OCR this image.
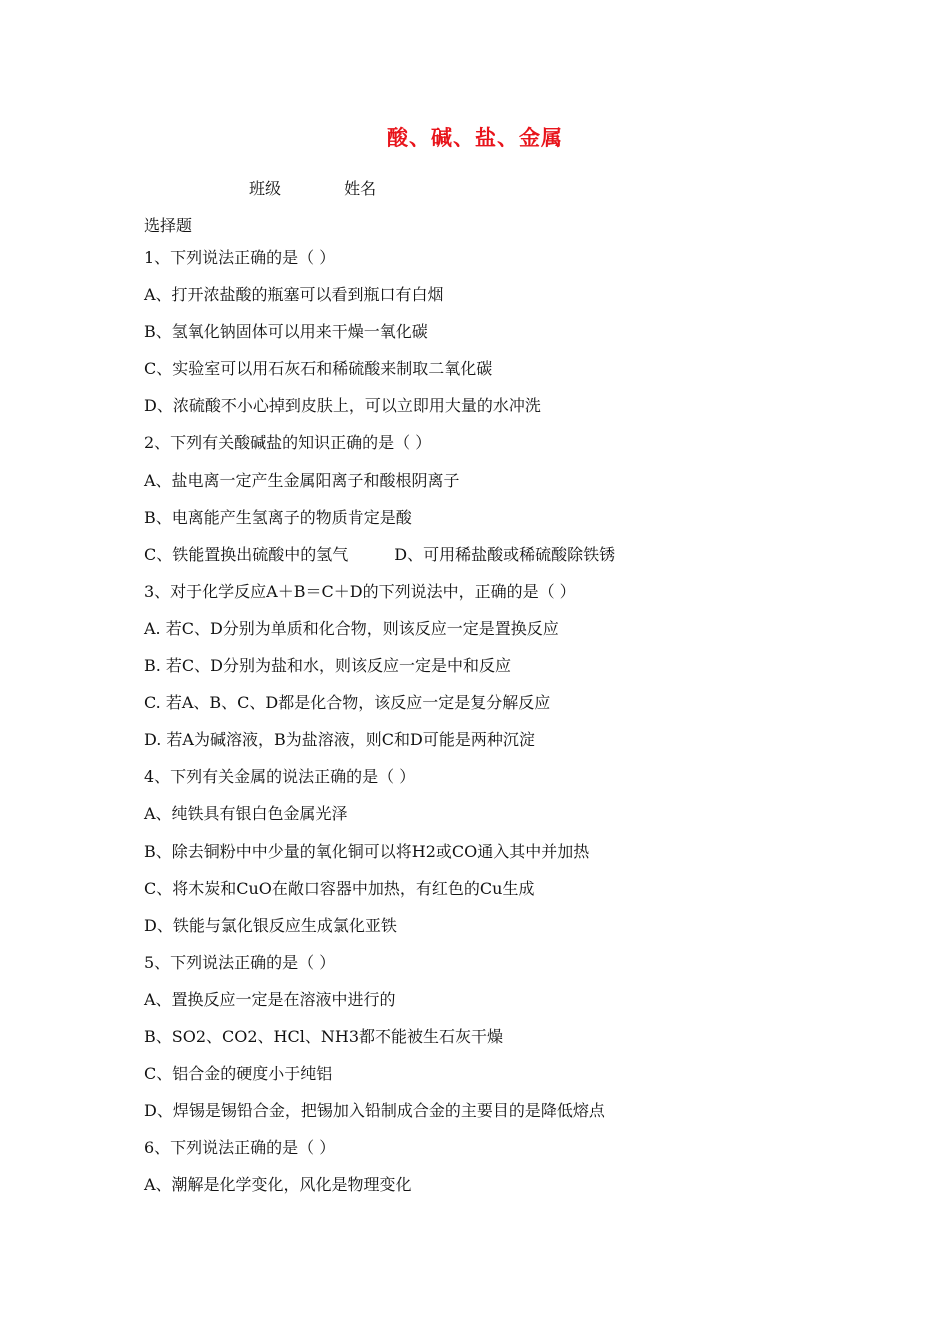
酸、碱、盐、金属
班级	姓名
选择题
1、下列说法正确的是（ ）
A、打开浓盐酸的瓶塞可以看到瓶口有白烟
B、氢氧化钠固体可以用来干燥一氧化碳
C、实验室可以用石灰石和稀硫酸来制取二氧化碳
D、浓硫酸不小心掉到皮肤上，可以立即用大量的水冲洗
2、下列有关酸碱盐的知识正确的是（ ）
A、盐电离一定产生金属阳离子和酸根阴离子
B、电离能产生氢离子的物质肯定是酸
C、铁能置换出硫酸中的氢气	D、可用稀盐酸或稀硫酸除铁锈
3、对于化学反应A＋B＝C＋D的下列说法中，正确的是（ ）
A. 若C、D分别为单质和化合物，则该反应一定是置换反应
B. 若C、D分别为盐和水，则该反应一定是中和反应
C. 若A、B、C、D都是化合物，该反应一定是复分解反应
D. 若A为碱溶液，B为盐溶液，则C和D可能是两种沉淀
4、下列有关金属的说法正确的是（ ）
A、纯铁具有银白色金属光泽
B、除去铜粉中中少量的氧化铜可以将H2或CO通入其中并加热
C、将木炭和CuO在敞口容器中加热，有红色的Cu生成
D、铁能与氯化银反应生成氯化亚铁
5、下列说法正确的是（ ）
A、置换反应一定是在溶液中进行的
B、SO2、CO2、HCl、NH3都不能被生石灰干燥
C、铝合金的硬度小于纯铝
D、焊锡是锡铅合金，把锡加入铅制成合金的主要目的是降低熔点
6、下列说法正确的是（ ）
A、潮解是化学变化，风化是物理变化
